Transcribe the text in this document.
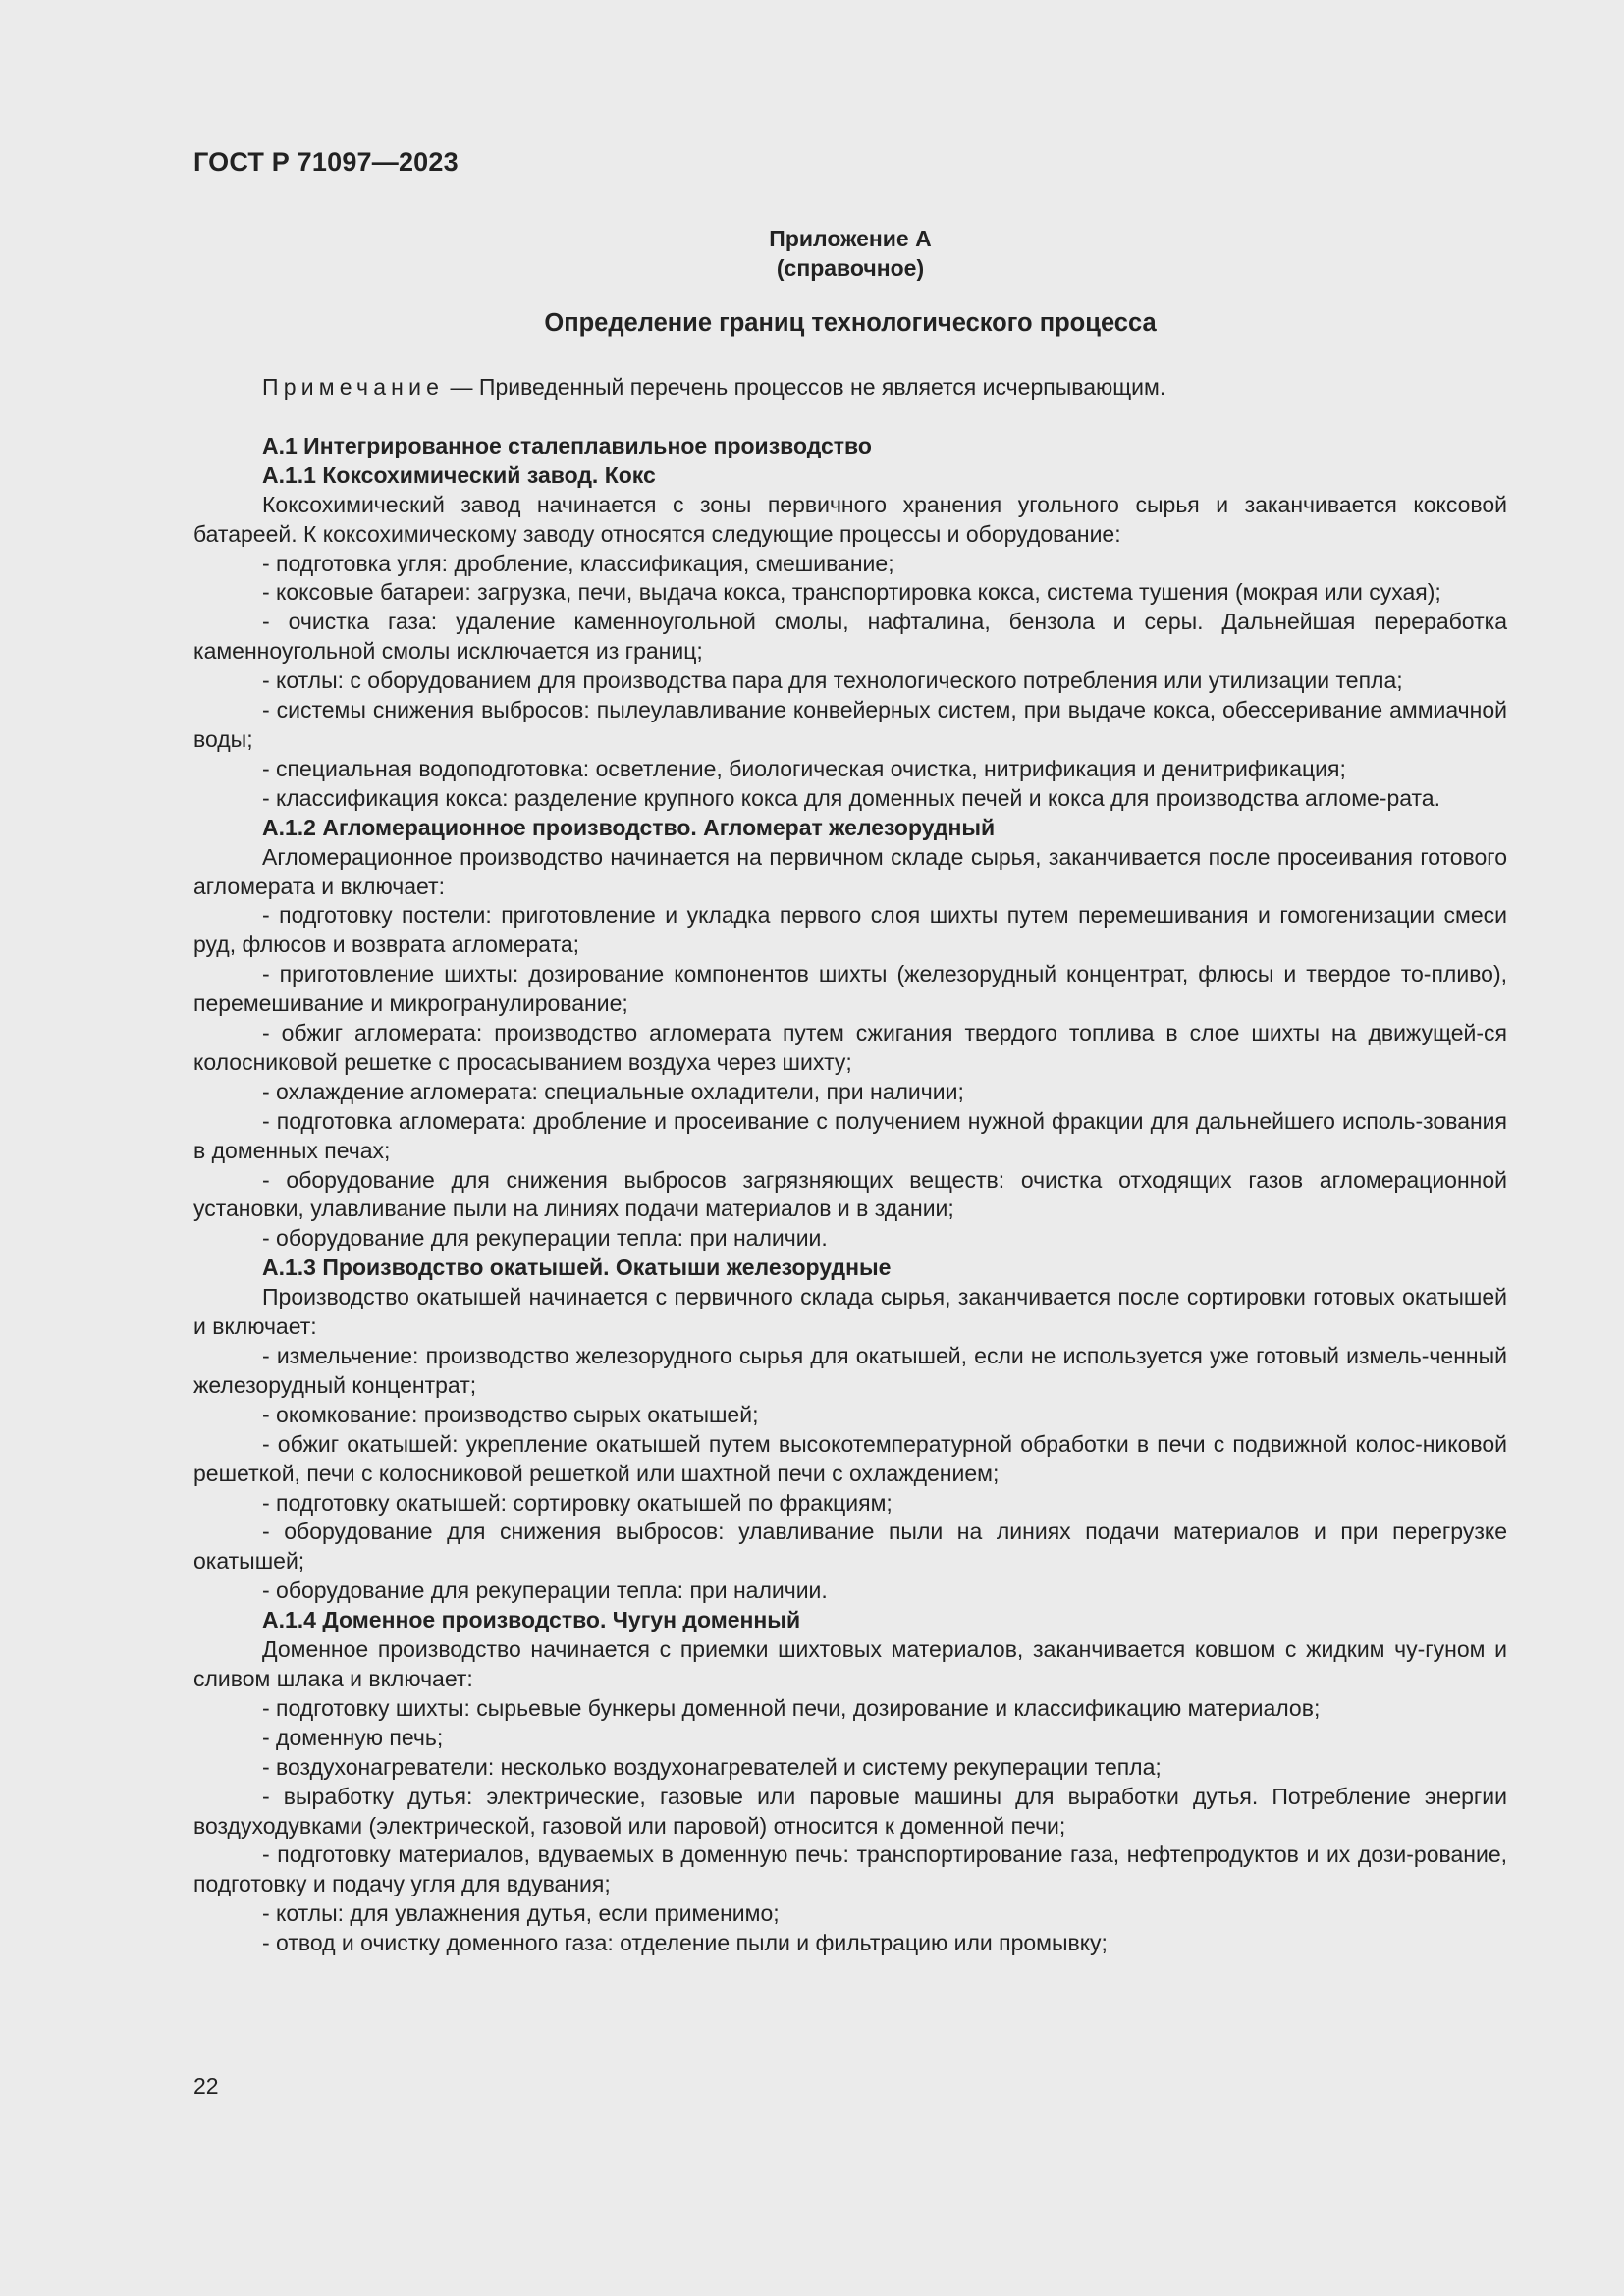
ГОСТ Р 71097—2023

Приложение А

(справочное)

Определение границ технологического процесса

Примечание — Приведенный перечень процессов не является исчерпывающим.

А.1 Интегрированное сталеплавильное производство

А.1.1 Коксохимический завод. Кокс

Коксохимический завод начинается с зоны первичного хранения угольного сырья и заканчивается коксовой батареей. К коксохимическому заводу относятся следующие процессы и оборудование:

- подготовка угля: дробление, классификация, смешивание;

- коксовые батареи: загрузка, печи, выдача кокса, транспортировка кокса, система тушения (мокрая или сухая);

- очистка газа: удаление каменноугольной смолы, нафталина, бензола и серы. Дальнейшая переработка каменноугольной смолы исключается из границ;

- котлы: с оборудованием для производства пара для технологического потребления или утилизации тепла;

- системы снижения выбросов: пылеулавливание конвейерных систем, при выдаче кокса, обессеривание аммиачной воды;

- специальная водоподготовка: осветление, биологическая очистка, нитрификация и денитрификация;

- классификация кокса: разделение крупного кокса для доменных печей и кокса для производства агломе-рата.

А.1.2 Агломерационное производство. Агломерат железорудный

Агломерационное производство начинается на первичном складе сырья, заканчивается после просеивания готового агломерата и включает:

- подготовку постели: приготовление и укладка первого слоя шихты путем перемешивания и гомогенизации смеси руд, флюсов и возврата агломерата;

- приготовление шихты: дозирование компонентов шихты (железорудный концентрат, флюсы и твердое то-пливо), перемешивание и микрогранулирование;

- обжиг агломерата: производство агломерата путем сжигания твердого топлива в слое шихты на движущей-ся колосниковой решетке с просасыванием воздуха через шихту;

- охлаждение агломерата: специальные охладители, при наличии;

- подготовка агломерата: дробление и просеивание с получением нужной фракции для дальнейшего исполь-зования в доменных печах;

- оборудование для снижения выбросов загрязняющих веществ: очистка отходящих газов агломерационной установки, улавливание пыли на линиях подачи материалов и в здании;

- оборудование для рекуперации тепла: при наличии.

А.1.3 Производство окатышей. Окатыши железорудные

Производство окатышей начинается с первичного склада сырья, заканчивается после сортировки готовых окатышей и включает:

- измельчение: производство железорудного сырья для окатышей, если не используется уже готовый измель-ченный железорудный концентрат;

- окомкование: производство сырых окатышей;

- обжиг окатышей: укрепление окатышей путем высокотемпературной обработки в печи с подвижной колос-никовой решеткой, печи с колосниковой решеткой или шахтной печи с охлаждением;

- подготовку окатышей: сортировку окатышей по фракциям;

- оборудование для снижения выбросов: улавливание пыли на линиях подачи материалов и при перегрузке окатышей;

- оборудование для рекуперации тепла: при наличии.

А.1.4 Доменное производство. Чугун доменный

Доменное производство начинается с приемки шихтовых материалов, заканчивается ковшом с жидким чу-гуном и сливом шлака и включает:

- подготовку шихты: сырьевые бункеры доменной печи, дозирование и классификацию материалов;

- доменную печь;

- воздухонагреватели: несколько воздухонагревателей и систему рекуперации тепла;

- выработку дутья: электрические, газовые или паровые машины для выработки дутья. Потребление энергии воздуходувками (электрической, газовой или паровой) относится к доменной печи;

- подготовку материалов, вдуваемых в доменную печь: транспортирование газа, нефтепродуктов и их дози-рование, подготовку и подачу угля для вдувания;

- котлы: для увлажнения дутья, если применимо;

- отвод и очистку доменного газа: отделение пыли и фильтрацию или промывку;

22
